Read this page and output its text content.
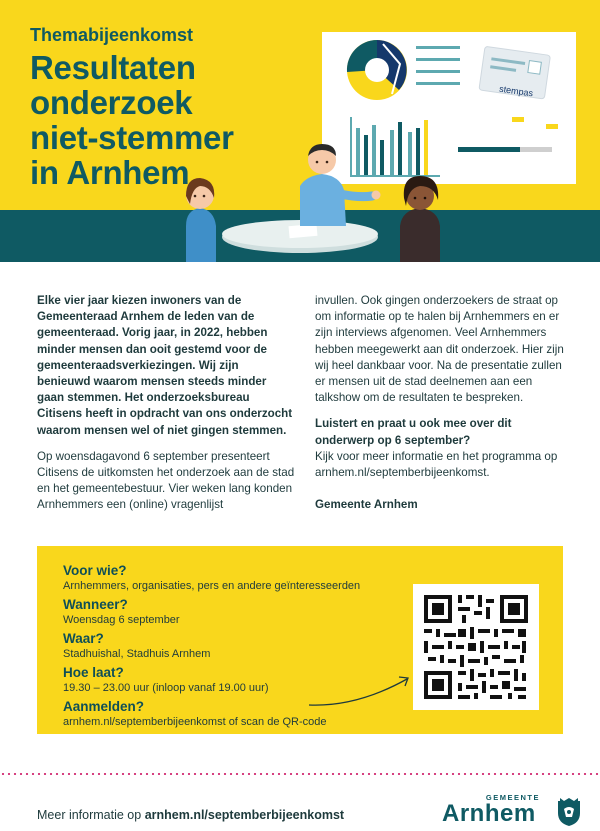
stempas
Themabijeenkomst
Resultaten
onderzoek
niet-stemmer
in Arnhem

Elke vier jaar kiezen inwoners van de Gemeenteraad Arnhem de leden van de gemeenteraad. Vorig jaar, in 2022, hebben minder mensen dan ooit gestemd voor de gemeenteraadsverkiezingen. Wij zijn benieuwd waarom mensen steeds minder gaan stemmen. Het onderzoeksbureau Citisens heeft in opdracht van ons onderzocht waarom mensen wel of niet gingen stemmen.

Op woensdagavond 6 september presenteert Citisens de uitkomsten het onderzoek aan de stad en het gemeentebestuur. Vier weken lang konden Arnhemmers een (online) vragenlijst

invullen. Ook gingen onderzoekers de straat op om informatie op te halen bij Arnhemmers en er zijn interviews afgenomen. Veel Arnhemmers hebben meegewerkt aan dit onderzoek. Hier zijn wij heel dankbaar voor. Na de presentatie zullen er mensen uit de stad deelnemen aan een talkshow om de resultaten te bespreken.

Luistert en praat u ook mee over dit onderwerp op 6 september?
Kijk voor meer informatie en het programma op arnhem.nl/septemberbijeenkomst.

Gemeente Arnhem

Voor wie?
Arnhemmers, organisaties, pers en andere geïnteresseerden
Wanneer?
Woensdag 6 september
Waar?
Stadhuishal, Stadhuis Arnhem
Hoe laat?
19.30 – 23.00 uur (inloop vanaf 19.00 uur)
Aanmelden?
arnhem.nl/septemberbijeenkomst of scan de QR-code
Meer informatie op arnhem.nl/septemberbijeenkomst
GEMEENTE
Arnhem
